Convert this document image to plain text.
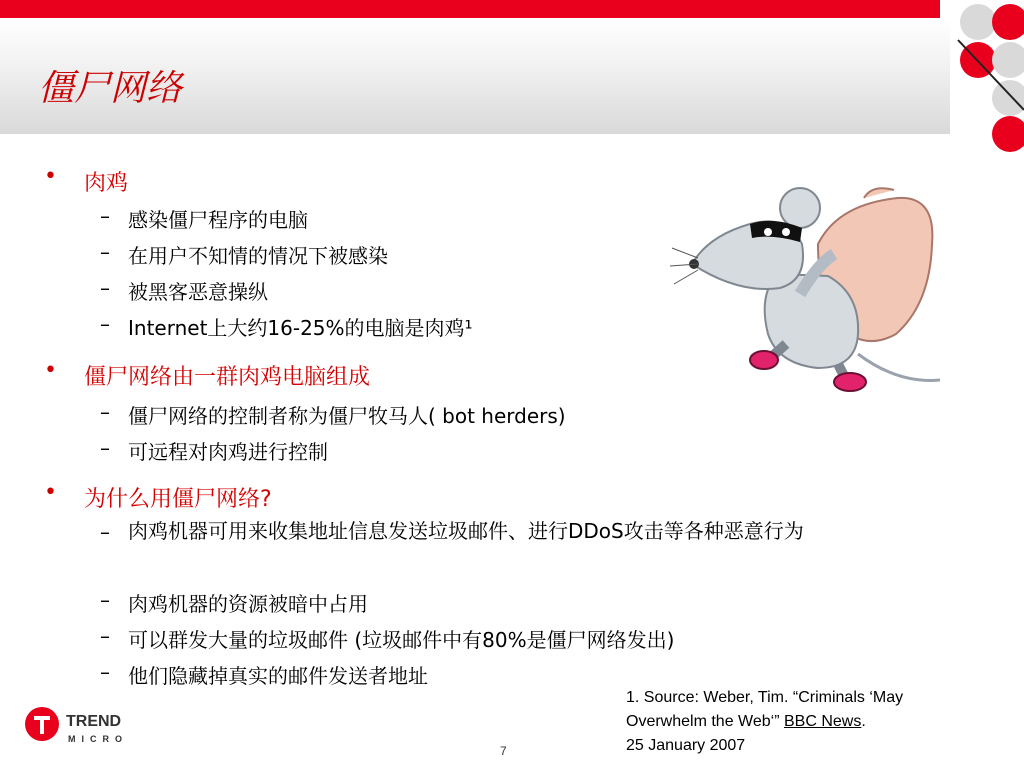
僵尸网络
• 肉鸡
– 感染僵尸程序的电脑
– 在用户不知情的情况下被感染
– 被黑客恶意操纵
– Internet上大约16-25%的电脑是肉鸡¹
• 僵尸网络由一群肉鸡电脑组成
– 僵尸网络的控制者称为僵尸牧马人( bot herders)
– 可远程对肉鸡进行控制
• 为什么用僵尸网络?
– 肉鸡机器可用来收集地址信息发送垃圾邮件、进行DDoS攻击等各种恶意行为
– 肉鸡机器的资源被暗中占用
– 可以群发大量的垃圾邮件 (垃圾邮件中有80%是僵尸网络发出)
– 他们隐藏掉真实的邮件发送者地址
1. Source: Weber, Tim. “Criminals ‘May
Overwhelm the Web‘” BBC News.
25 January 2007
TREND
MICRO
7
